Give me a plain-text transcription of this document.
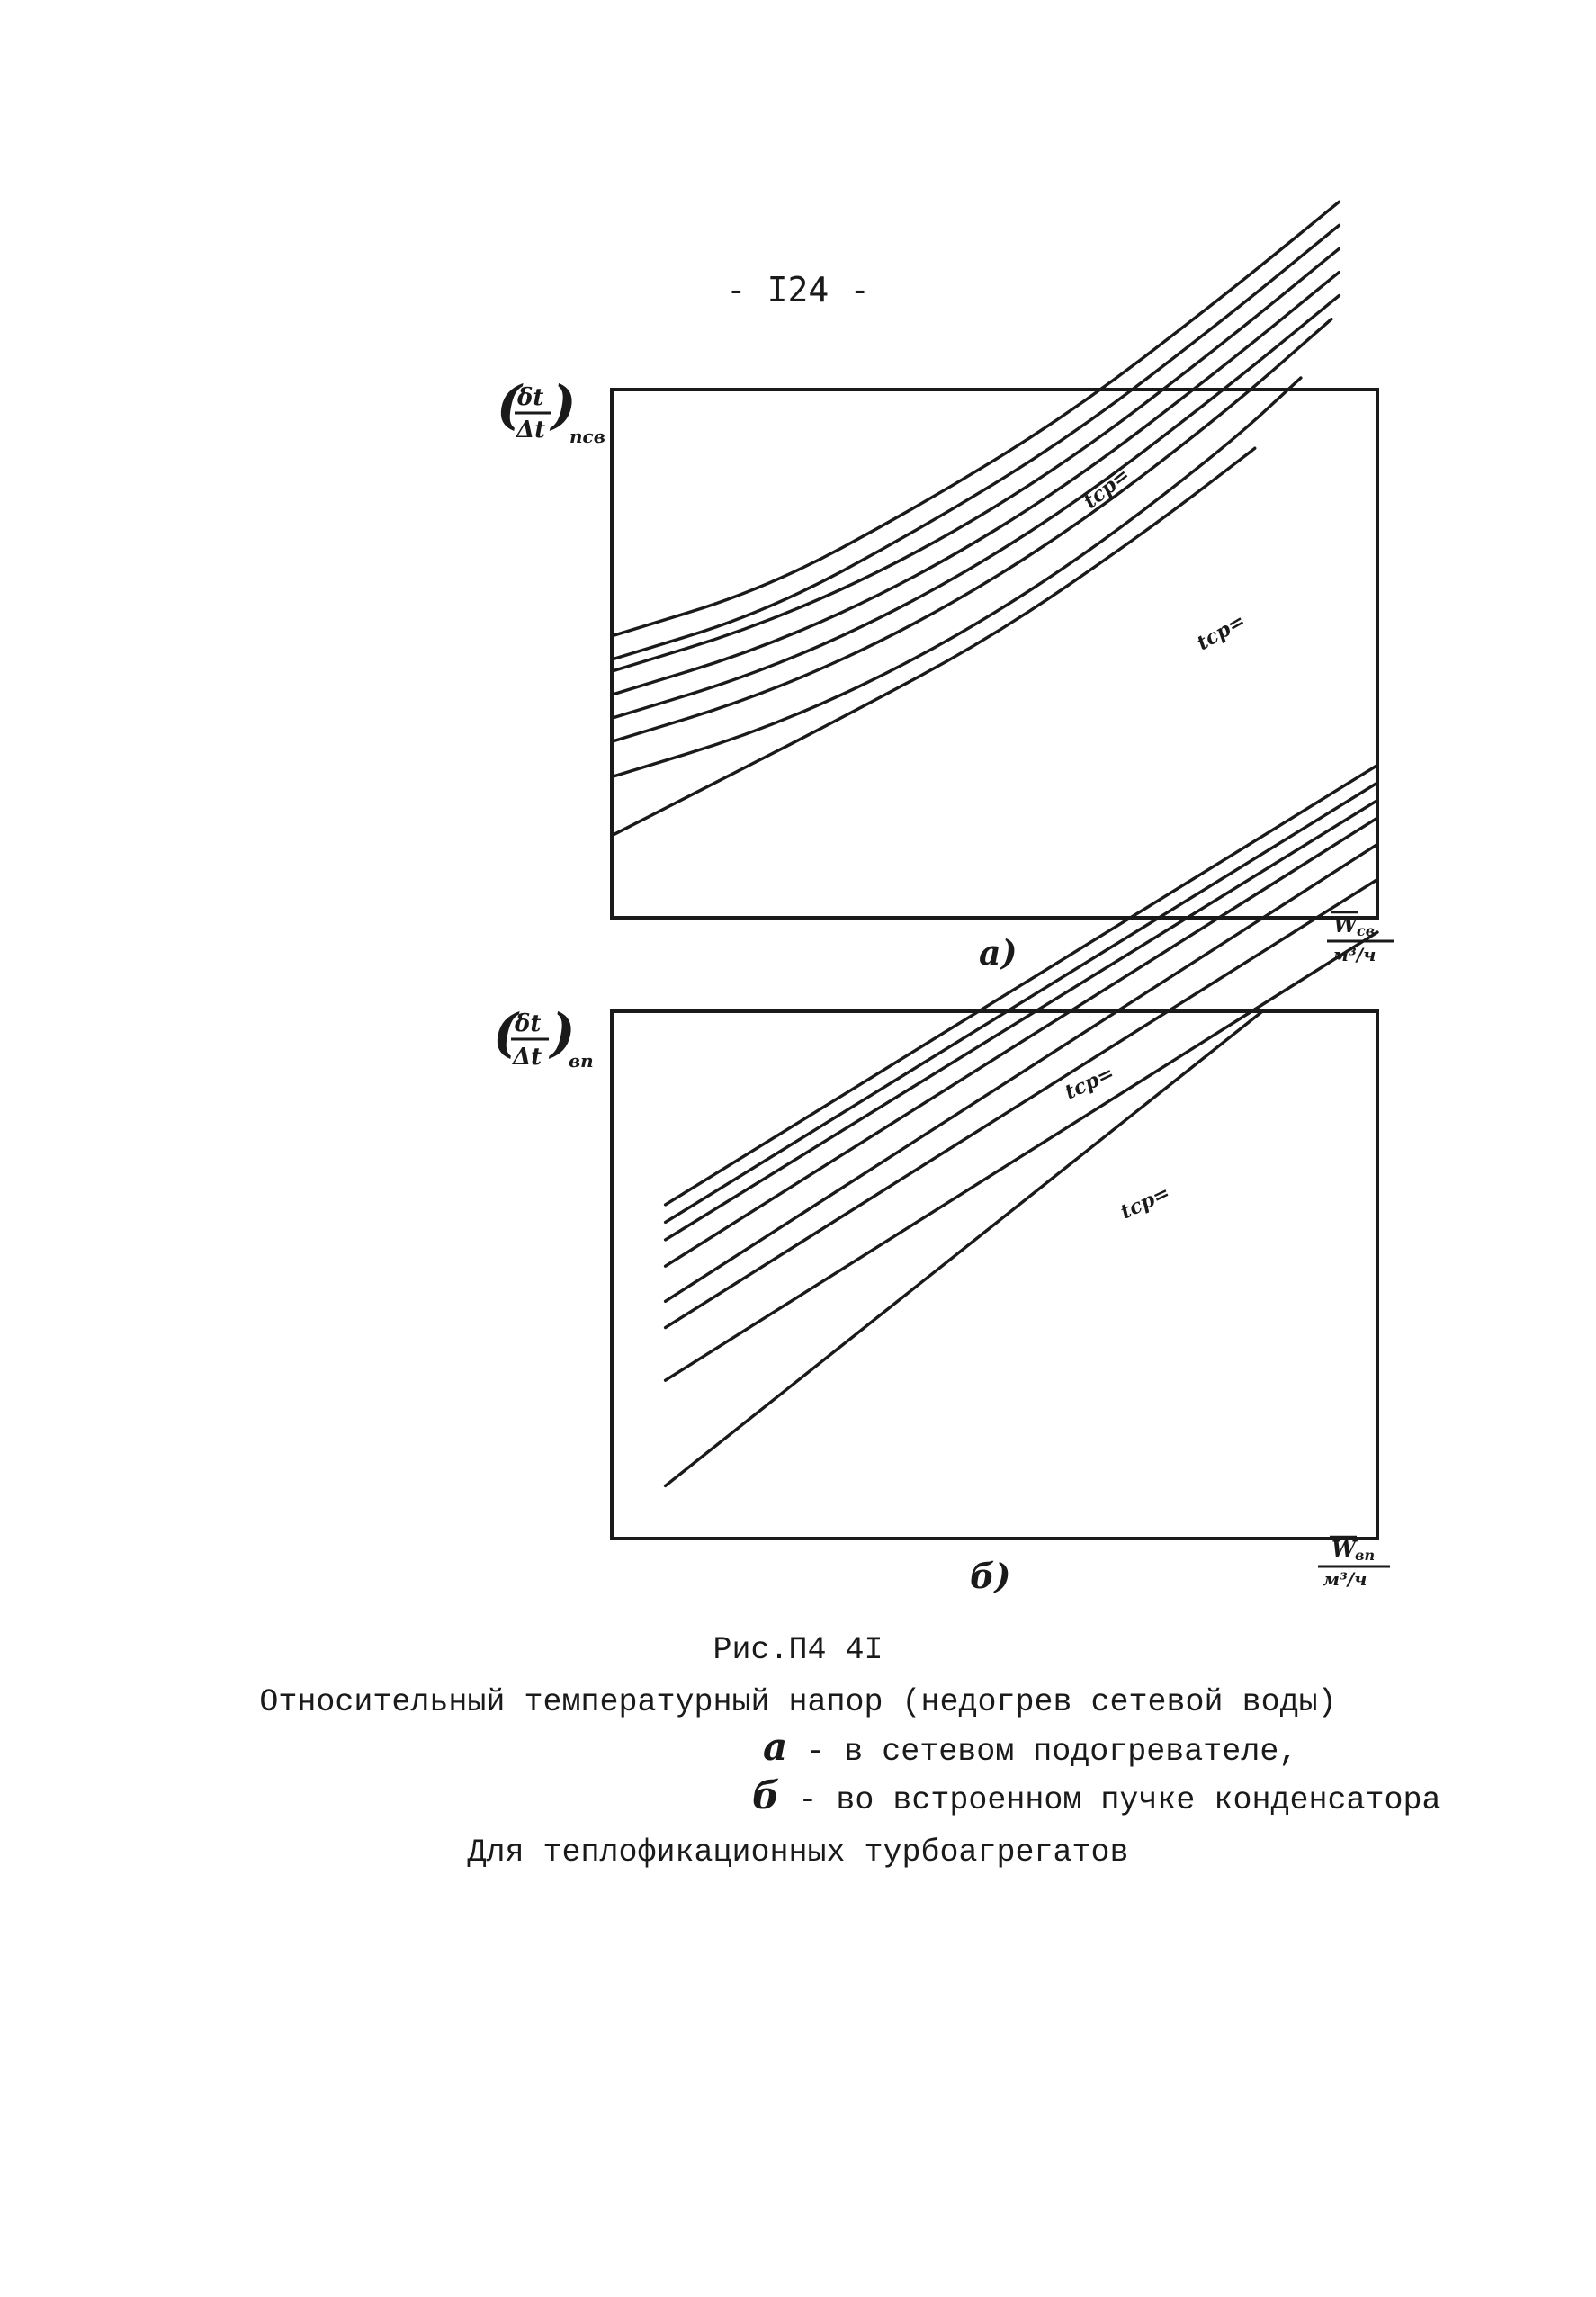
- I24 -
(
δt
Δt )
псв
tср=
tср=
а)
W св
м³/ч
(
δt
Δt )
вп
tср=
tср=
б)
W вп
м³/ч
Рис.П4 4I
Относительный температурный напор (недогрев сетевой воды)
а - в сетевом подогревателе,
б - во встроенном пучке конденсатора
Для теплофикационных турбоагрегатов
